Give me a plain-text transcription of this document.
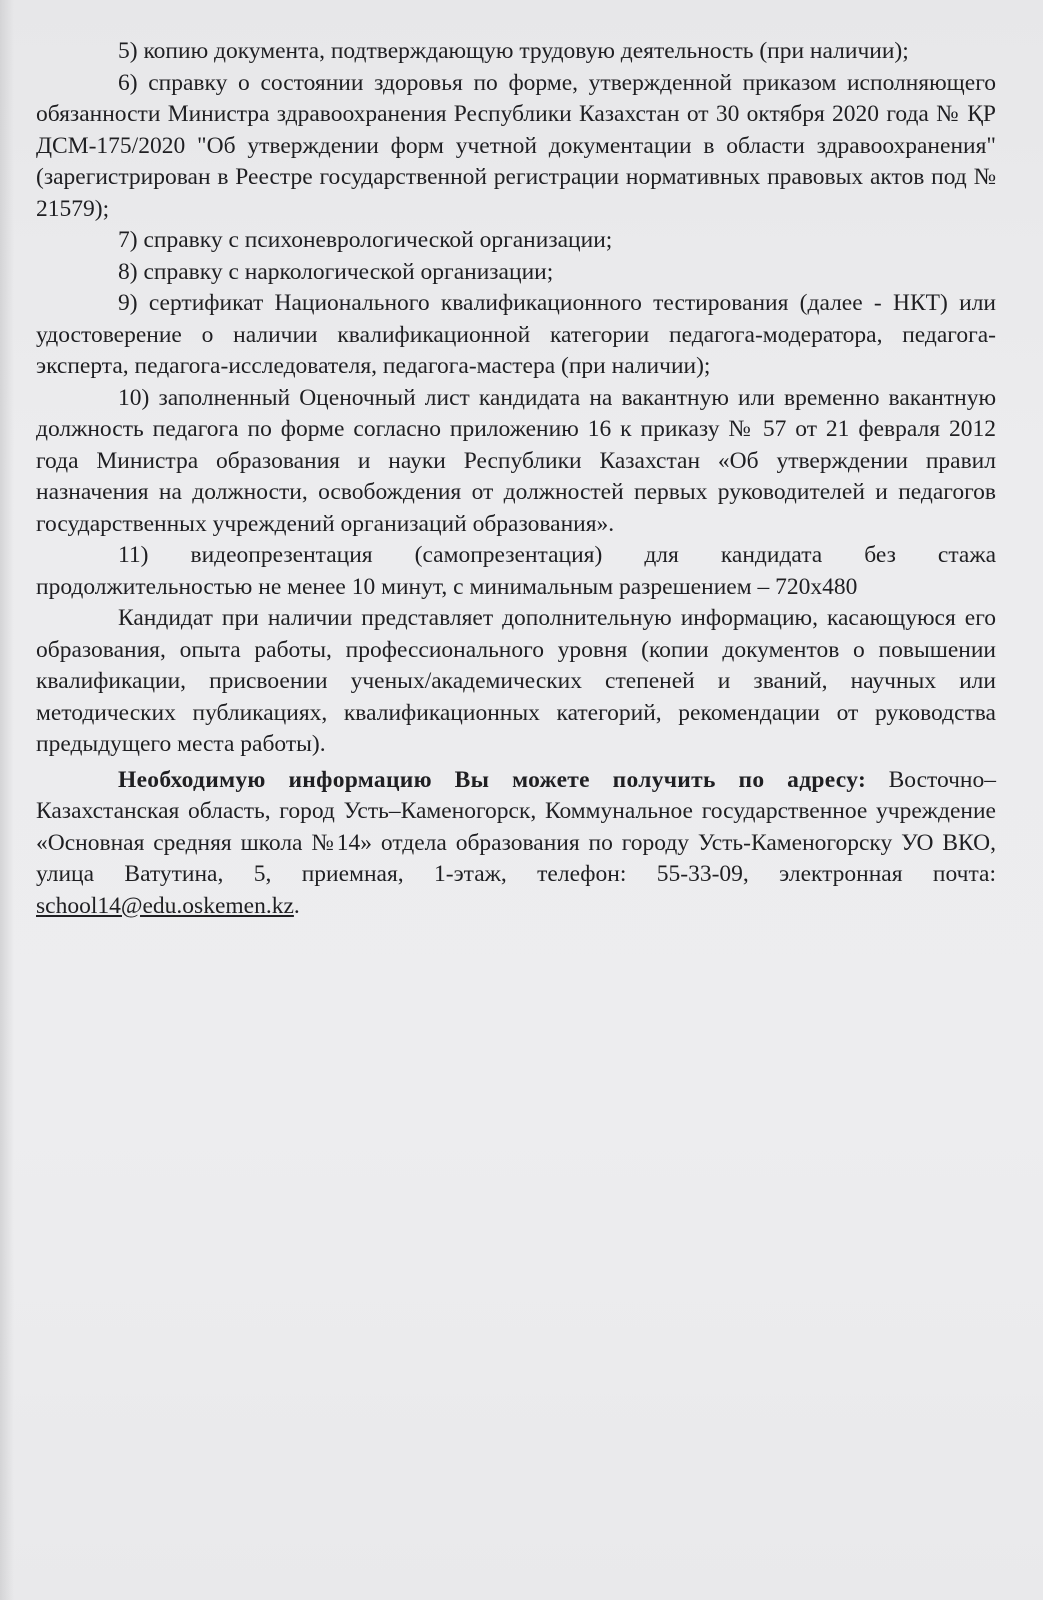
5) копию документа, подтверждающую трудовую деятельность (при наличии);

6) справку о состоянии здоровья по форме, утвержденной приказом исполняющего обязанности Министра здравоохранения Республики Казахстан от 30 октября 2020 года № ҚР ДСМ-175/2020 "Об утверждении форм учетной документации в области здравоохранения" (зарегистрирован в Реестре государственной регистрации нормативных правовых актов под № 21579);

7) справку с психоневрологической организации;

8) справку с наркологической организации;

9) сертификат Национального квалификационного тестирования (далее - НКТ) или удостоверение о наличии квалификационной категории педагога-модератора, педагога-эксперта, педагога-исследователя, педагога-мастера (при наличии);

10) заполненный Оценочный лист кандидата на вакантную или временно вакантную должность педагога по форме согласно приложению 16 к приказу № 57 от 21 февраля 2012 года Министра образования и науки Республики Казахстан «Об утверждении правил назначения на должности, освобождения от должностей первых руководителей и педагогов государственных учреждений организаций образования».

11) видеопрезентация (самопрезентация) для кандидата без стажа продолжительностью не менее 10 минут, с минимальным разрешением – 720x480

Кандидат при наличии представляет дополнительную информацию, касающуюся его образования, опыта работы, профессионального уровня (копии документов о повышении квалификации, присвоении ученых/академических степеней и званий, научных или методических публикациях, квалификационных категорий, рекомендации от руководства предыдущего места работы).

Необходимую информацию Вы можете получить по адресу: Восточно–Казахстанская область, город Усть–Каменогорск, Коммунальное государственное учреждение «Основная средняя школа №14» отдела образования по городу Усть-Каменогорску УО ВКО, улица Ватутина, 5, приемная, 1-этаж, телефон: 55-33-09, электронная почта: school14@edu.oskemen.kz.
